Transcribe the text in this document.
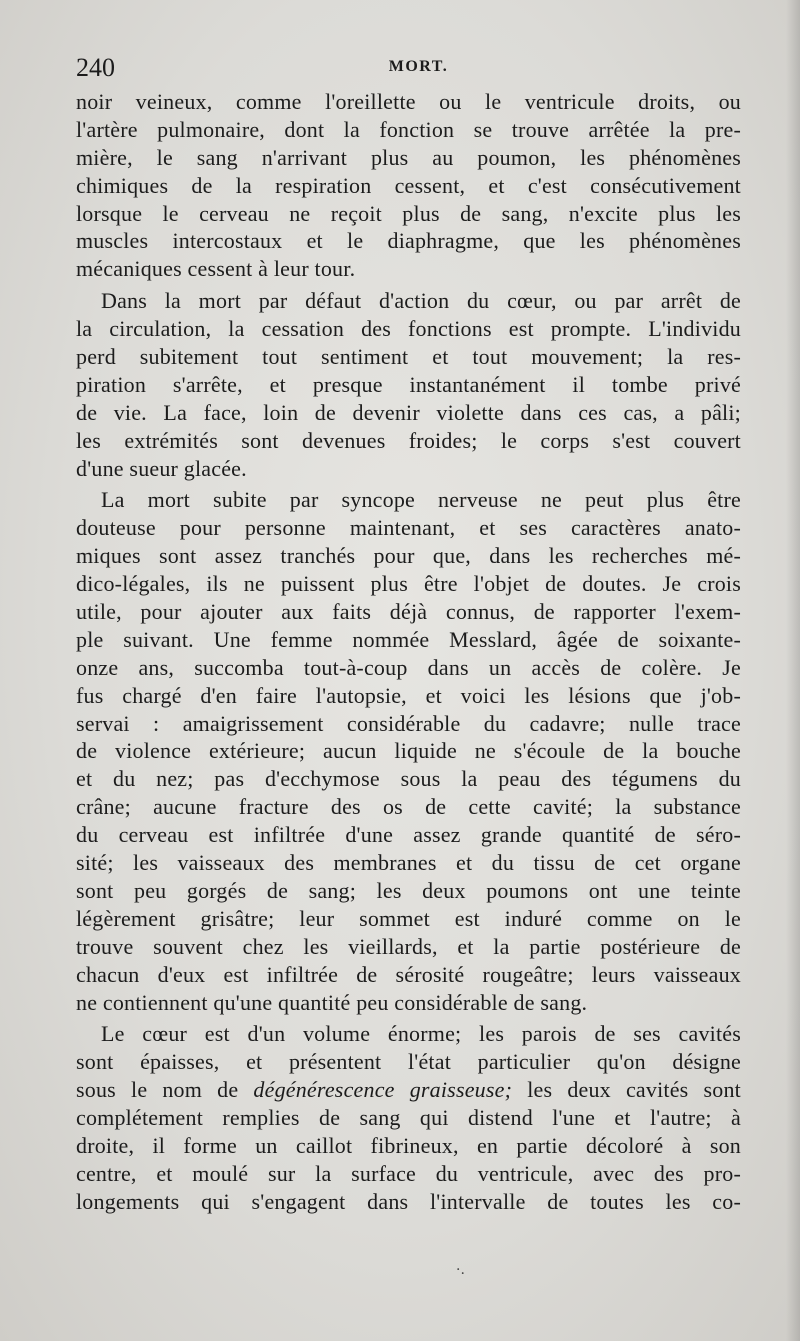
240	MORT.
noir veineux, comme l'oreillette ou le ventricule droits, ou
l'artère pulmonaire, dont la fonction se trouve arrêtée la pre-
mière, le sang n'arrivant plus au poumon, les phénomènes
chimiques de la respiration cessent, et c'est consécutivement
lorsque le cerveau ne reçoit plus de sang, n'excite plus les
muscles intercostaux et le diaphragme, que les phénomènes
mécaniques cessent à leur tour.
Dans la mort par défaut d'action du cœur, ou par arrêt de
la circulation, la cessation des fonctions est prompte. L'individu
perd subitement tout sentiment et tout mouvement; la res-
piration s'arrête, et presque instantanément il tombe privé
de vie. La face, loin de devenir violette dans ces cas, a pâli;
les extrémités sont devenues froides; le corps s'est couvert
d'une sueur glacée.
La mort subite par syncope nerveuse ne peut plus être
douteuse pour personne maintenant, et ses caractères anato-
miques sont assez tranchés pour que, dans les recherches mé-
dico-légales, ils ne puissent plus être l'objet de doutes. Je crois
utile, pour ajouter aux faits déjà connus, de rapporter l'exem-
ple suivant. Une femme nommée Messlard, âgée de soixante-
onze ans, succomba tout-à-coup dans un accès de colère. Je
fus chargé d'en faire l'autopsie, et voici les lésions que j'ob-
servai : amaigrissement considérable du cadavre; nulle trace
de violence extérieure; aucun liquide ne s'écoule de la bouche
et du nez; pas d'ecchymose sous la peau des tégumens du
crâne; aucune fracture des os de cette cavité; la substance
du cerveau est infiltrée d'une assez grande quantité de séro-
sité; les vaisseaux des membranes et du tissu de cet organe
sont peu gorgés de sang; les deux poumons ont une teinte
légèrement grisâtre; leur sommet est induré comme on le
trouve souvent chez les vieillards, et la partie postérieure de
chacun d'eux est infiltrée de sérosité rougeâtre; leurs vaisseaux
ne contiennent qu'une quantité peu considérable de sang.
Le cœur est d'un volume énorme; les parois de ses cavités
sont épaisses, et présentent l'état particulier qu'on désigne
sous le nom de dégénérescence graisseuse; les deux cavités sont
complétement remplies de sang qui distend l'une et l'autre; à
droite, il forme un caillot fibrineux, en partie décoloré à son
centre, et moulé sur la surface du ventricule, avec des pro-
longements qui s'engagent dans l'intervalle de toutes les co-
·.
